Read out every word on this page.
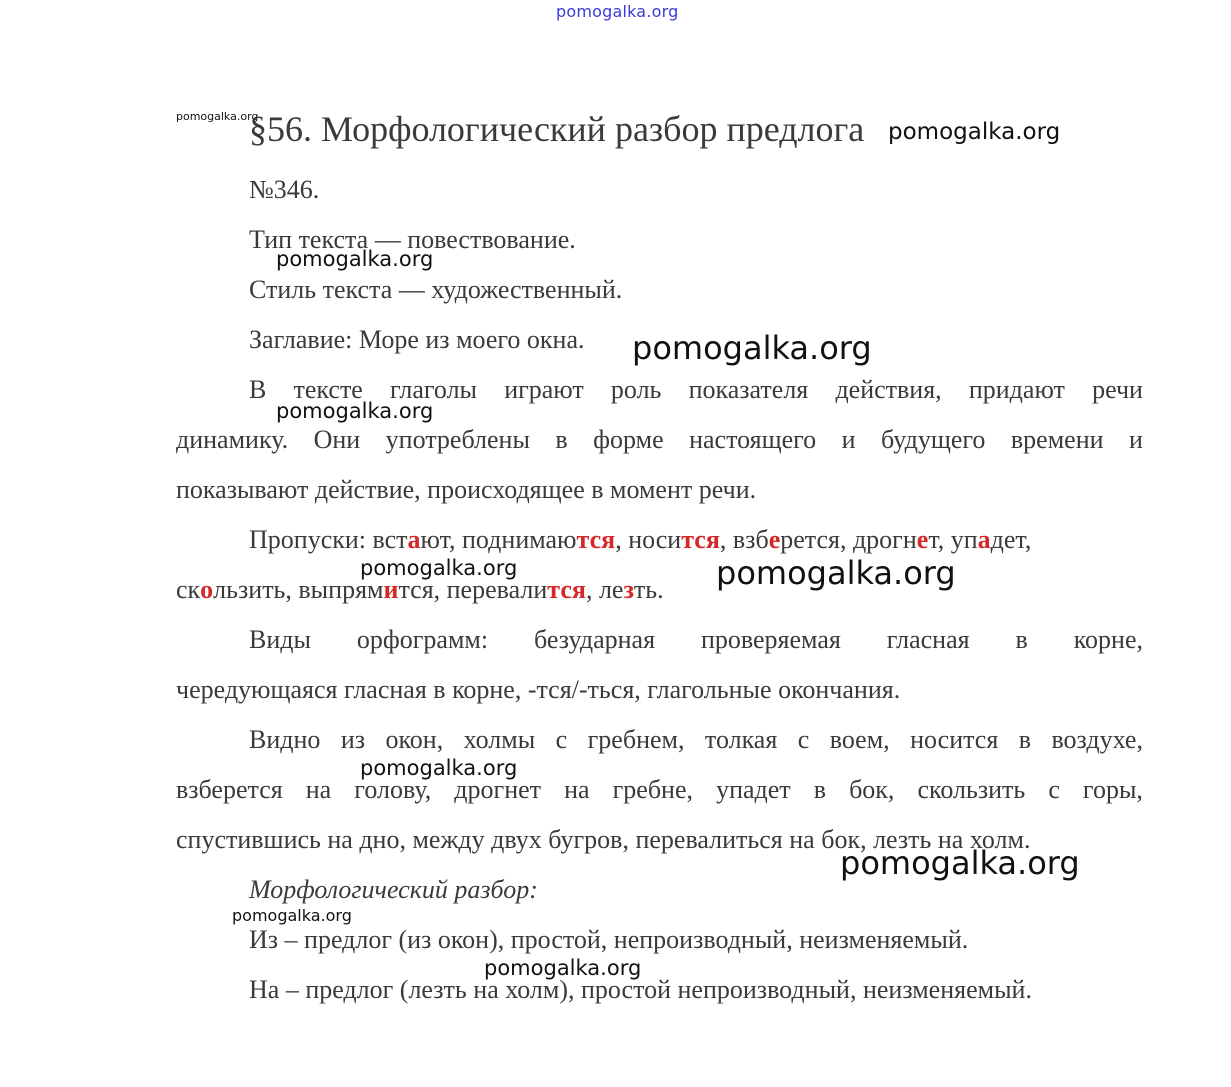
pomogalka.org
pomogalka.org
§56. Морфологический разбор предлога pomogalka.org
№346.
Тип текста — повествование.
pomogalka.org
Стиль текста — художественный.
Заглавие: Море из моего окна. pomogalka.org
В тексте глаголы играют роль показателя действия, придают речи
pomogalka.org
динамику. Они употреблены в форме настоящего и будущего времени и
показывают действие, происходящее в момент речи.
Пропуски: встают, поднимаются, носится, взберется, дрогнет, упадет,
pomogalka.org
скользить, выпрямится, перевалится, лезть. pomogalka.org
Виды орфограмм: безударная проверяемая гласная в корне,
чередующаяся гласная в корне, -тся/-ться, глагольные окончания.
Видно из окон, холмы с гребнем, толкая с воем, носится в воздухе,
pomogalka.org
взберется на голову, дрогнет на гребне, упадет в бок, скользить с горы,
спустившись на дно, между двух бугров, перевалиться на бок, лезть на холм.
pomogalka.org
Морфологический разбор:
pomogalka.org
Из – предлог (из окон), простой, непроизводный, неизменяемый.
pomogalka.org
На – предлог (лезть на холм), простой непроизводный, неизменяемый.
